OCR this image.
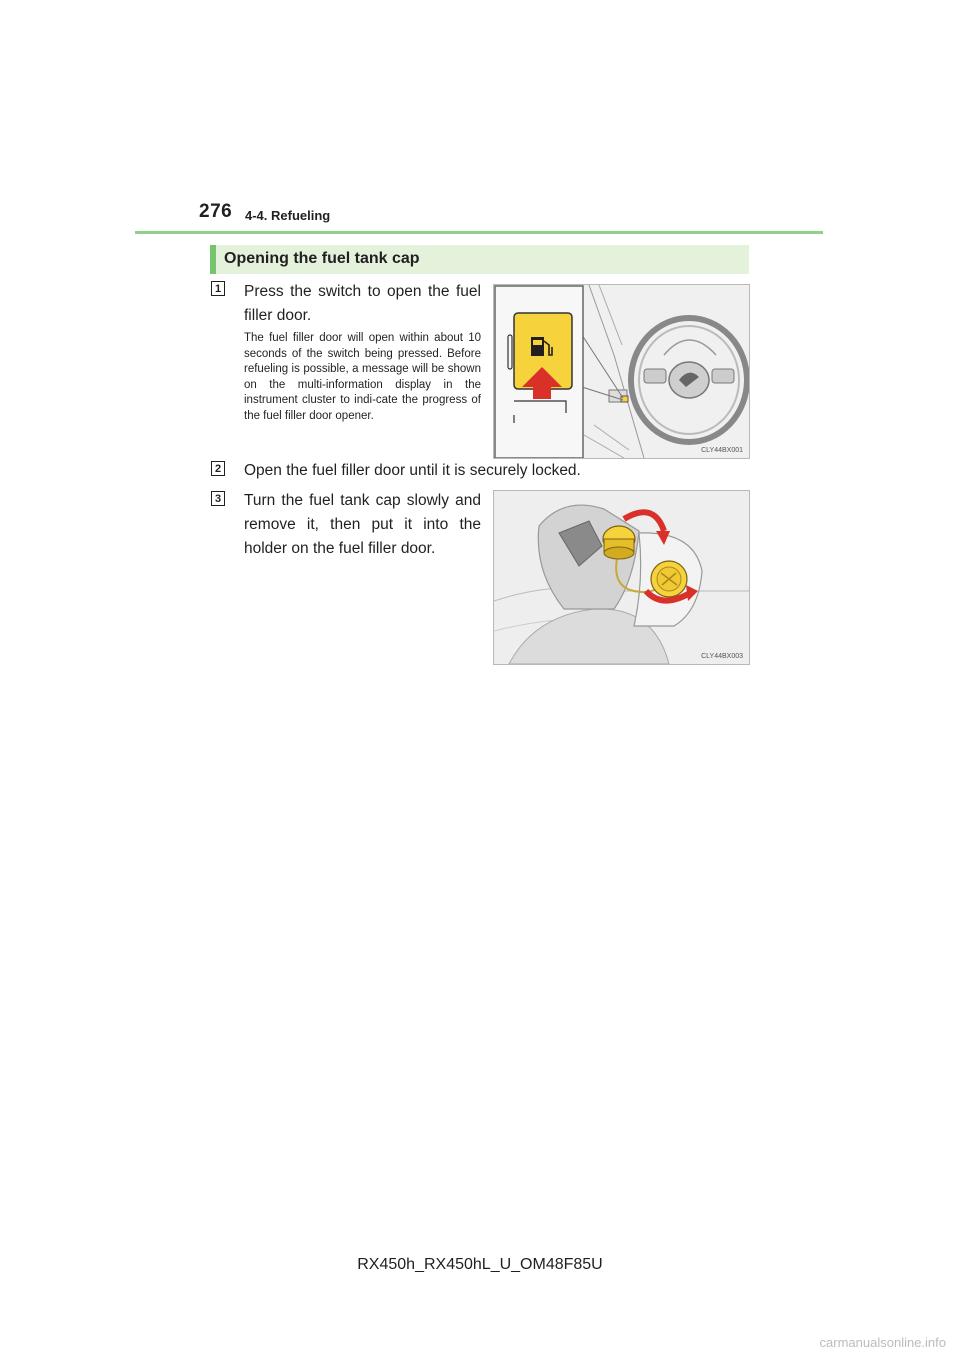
276 4-4. Refueling
Opening the fuel tank cap
1 Press the switch to open the fuel filler door.
The fuel filler door will open within about 10 seconds of the switch being pressed. Before refueling is possible, a message will be shown on the multi-information display in the instrument cluster to indi-cate the progress of the fuel filler door opener.
CLY44BX001
2 Open the fuel filler door until it is securely locked.
3 Turn the fuel tank cap slowly and remove it, then put it into the holder on the fuel filler door.
CLY44BX003
RX450h_RX450hL_U_OM48F85U
carmanualsonline.info
